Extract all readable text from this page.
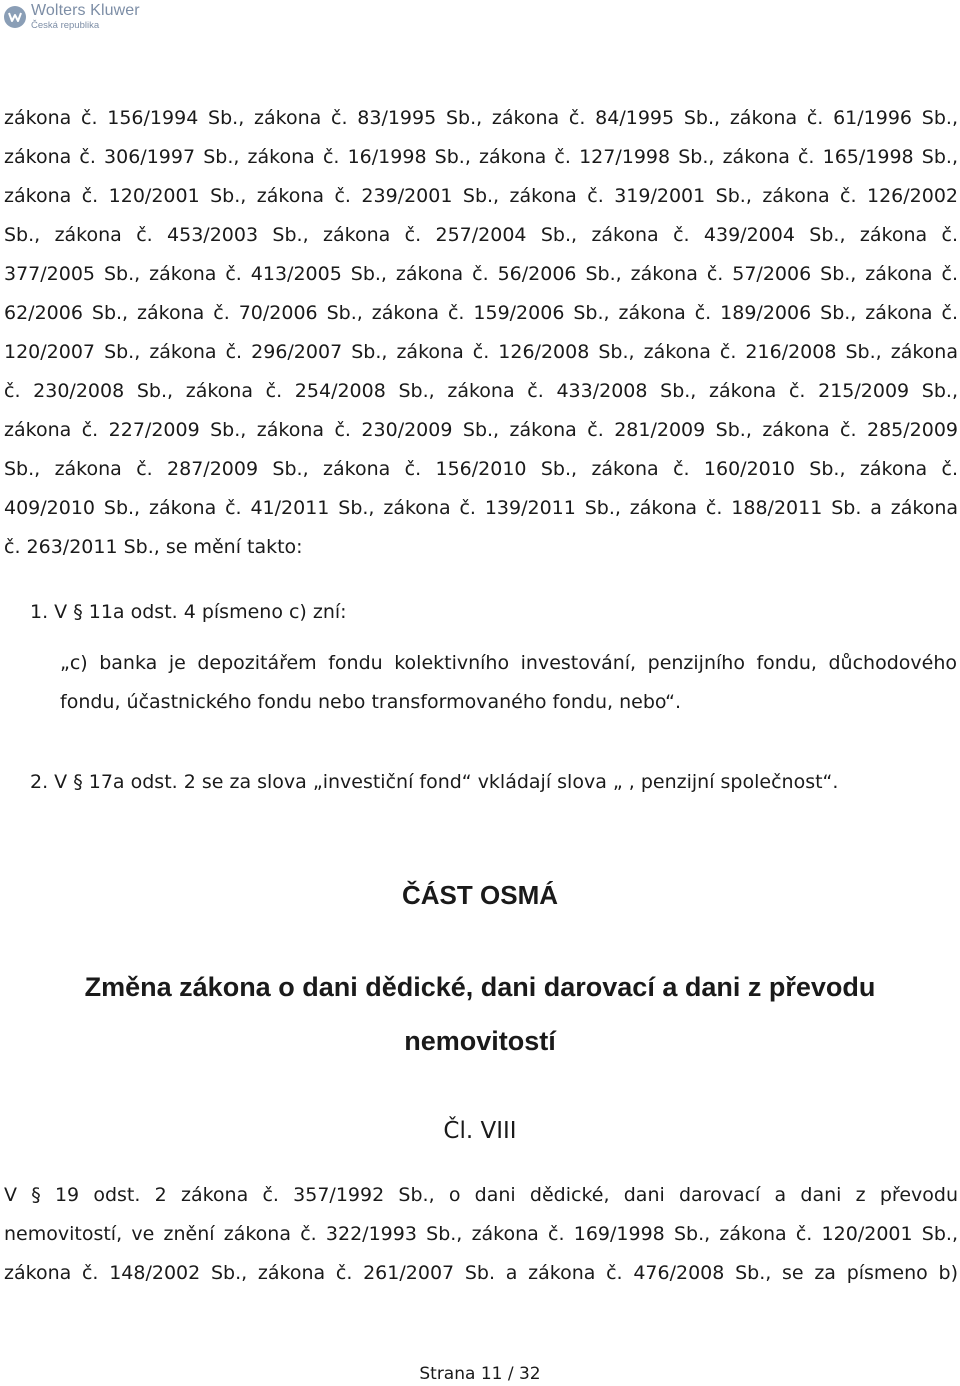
Wolters Kluwer
Česká republika
zákona č. 156/1994 Sb., zákona č. 83/1995 Sb., zákona č. 84/1995 Sb., zákona č. 61/1996 Sb.,
zákona č. 306/1997 Sb., zákona č. 16/1998 Sb., zákona č. 127/1998 Sb., zákona č. 165/1998 Sb.,
zákona č. 120/2001 Sb., zákona č. 239/2001 Sb., zákona č. 319/2001 Sb., zákona č. 126/2002
Sb., zákona č. 453/2003 Sb., zákona č. 257/2004 Sb., zákona č. 439/2004 Sb., zákona č.
377/2005 Sb., zákona č. 413/2005 Sb., zákona č. 56/2006 Sb., zákona č. 57/2006 Sb., zákona č.
62/2006 Sb., zákona č. 70/2006 Sb., zákona č. 159/2006 Sb., zákona č. 189/2006 Sb., zákona č.
120/2007 Sb., zákona č. 296/2007 Sb., zákona č. 126/2008 Sb., zákona č. 216/2008 Sb., zákona
č. 230/2008 Sb., zákona č. 254/2008 Sb., zákona č. 433/2008 Sb., zákona č. 215/2009 Sb.,
zákona č. 227/2009 Sb., zákona č. 230/2009 Sb., zákona č. 281/2009 Sb., zákona č. 285/2009
Sb., zákona č. 287/2009 Sb., zákona č. 156/2010 Sb., zákona č. 160/2010 Sb., zákona č.
409/2010 Sb., zákona č. 41/2011 Sb., zákona č. 139/2011 Sb., zákona č. 188/2011 Sb. a zákona
č. 263/2011 Sb., se mění takto:
1. V § 11a odst. 4 písmeno c) zní:
„c) banka je depozitářem fondu kolektivního investování, penzijního fondu, důchodového
fondu, účastnického fondu nebo transformovaného fondu, nebo“.
2. V § 17a odst. 2 se za slova „investiční fond“ vkládají slova „ , penzijní společnost“.
ČÁST OSMÁ
Změna zákona o dani dědické, dani darovací a dani z převodu
nemovitostí
Čl. VIII
V § 19 odst. 2 zákona č. 357/1992 Sb., o dani dědické, dani darovací a dani z převodu
nemovitostí, ve znění zákona č. 322/1993 Sb., zákona č. 169/1998 Sb., zákona č. 120/2001 Sb.,
zákona č. 148/2002 Sb., zákona č. 261/2007 Sb. a zákona č. 476/2008 Sb., se za písmeno b)
Strana 11 / 32
